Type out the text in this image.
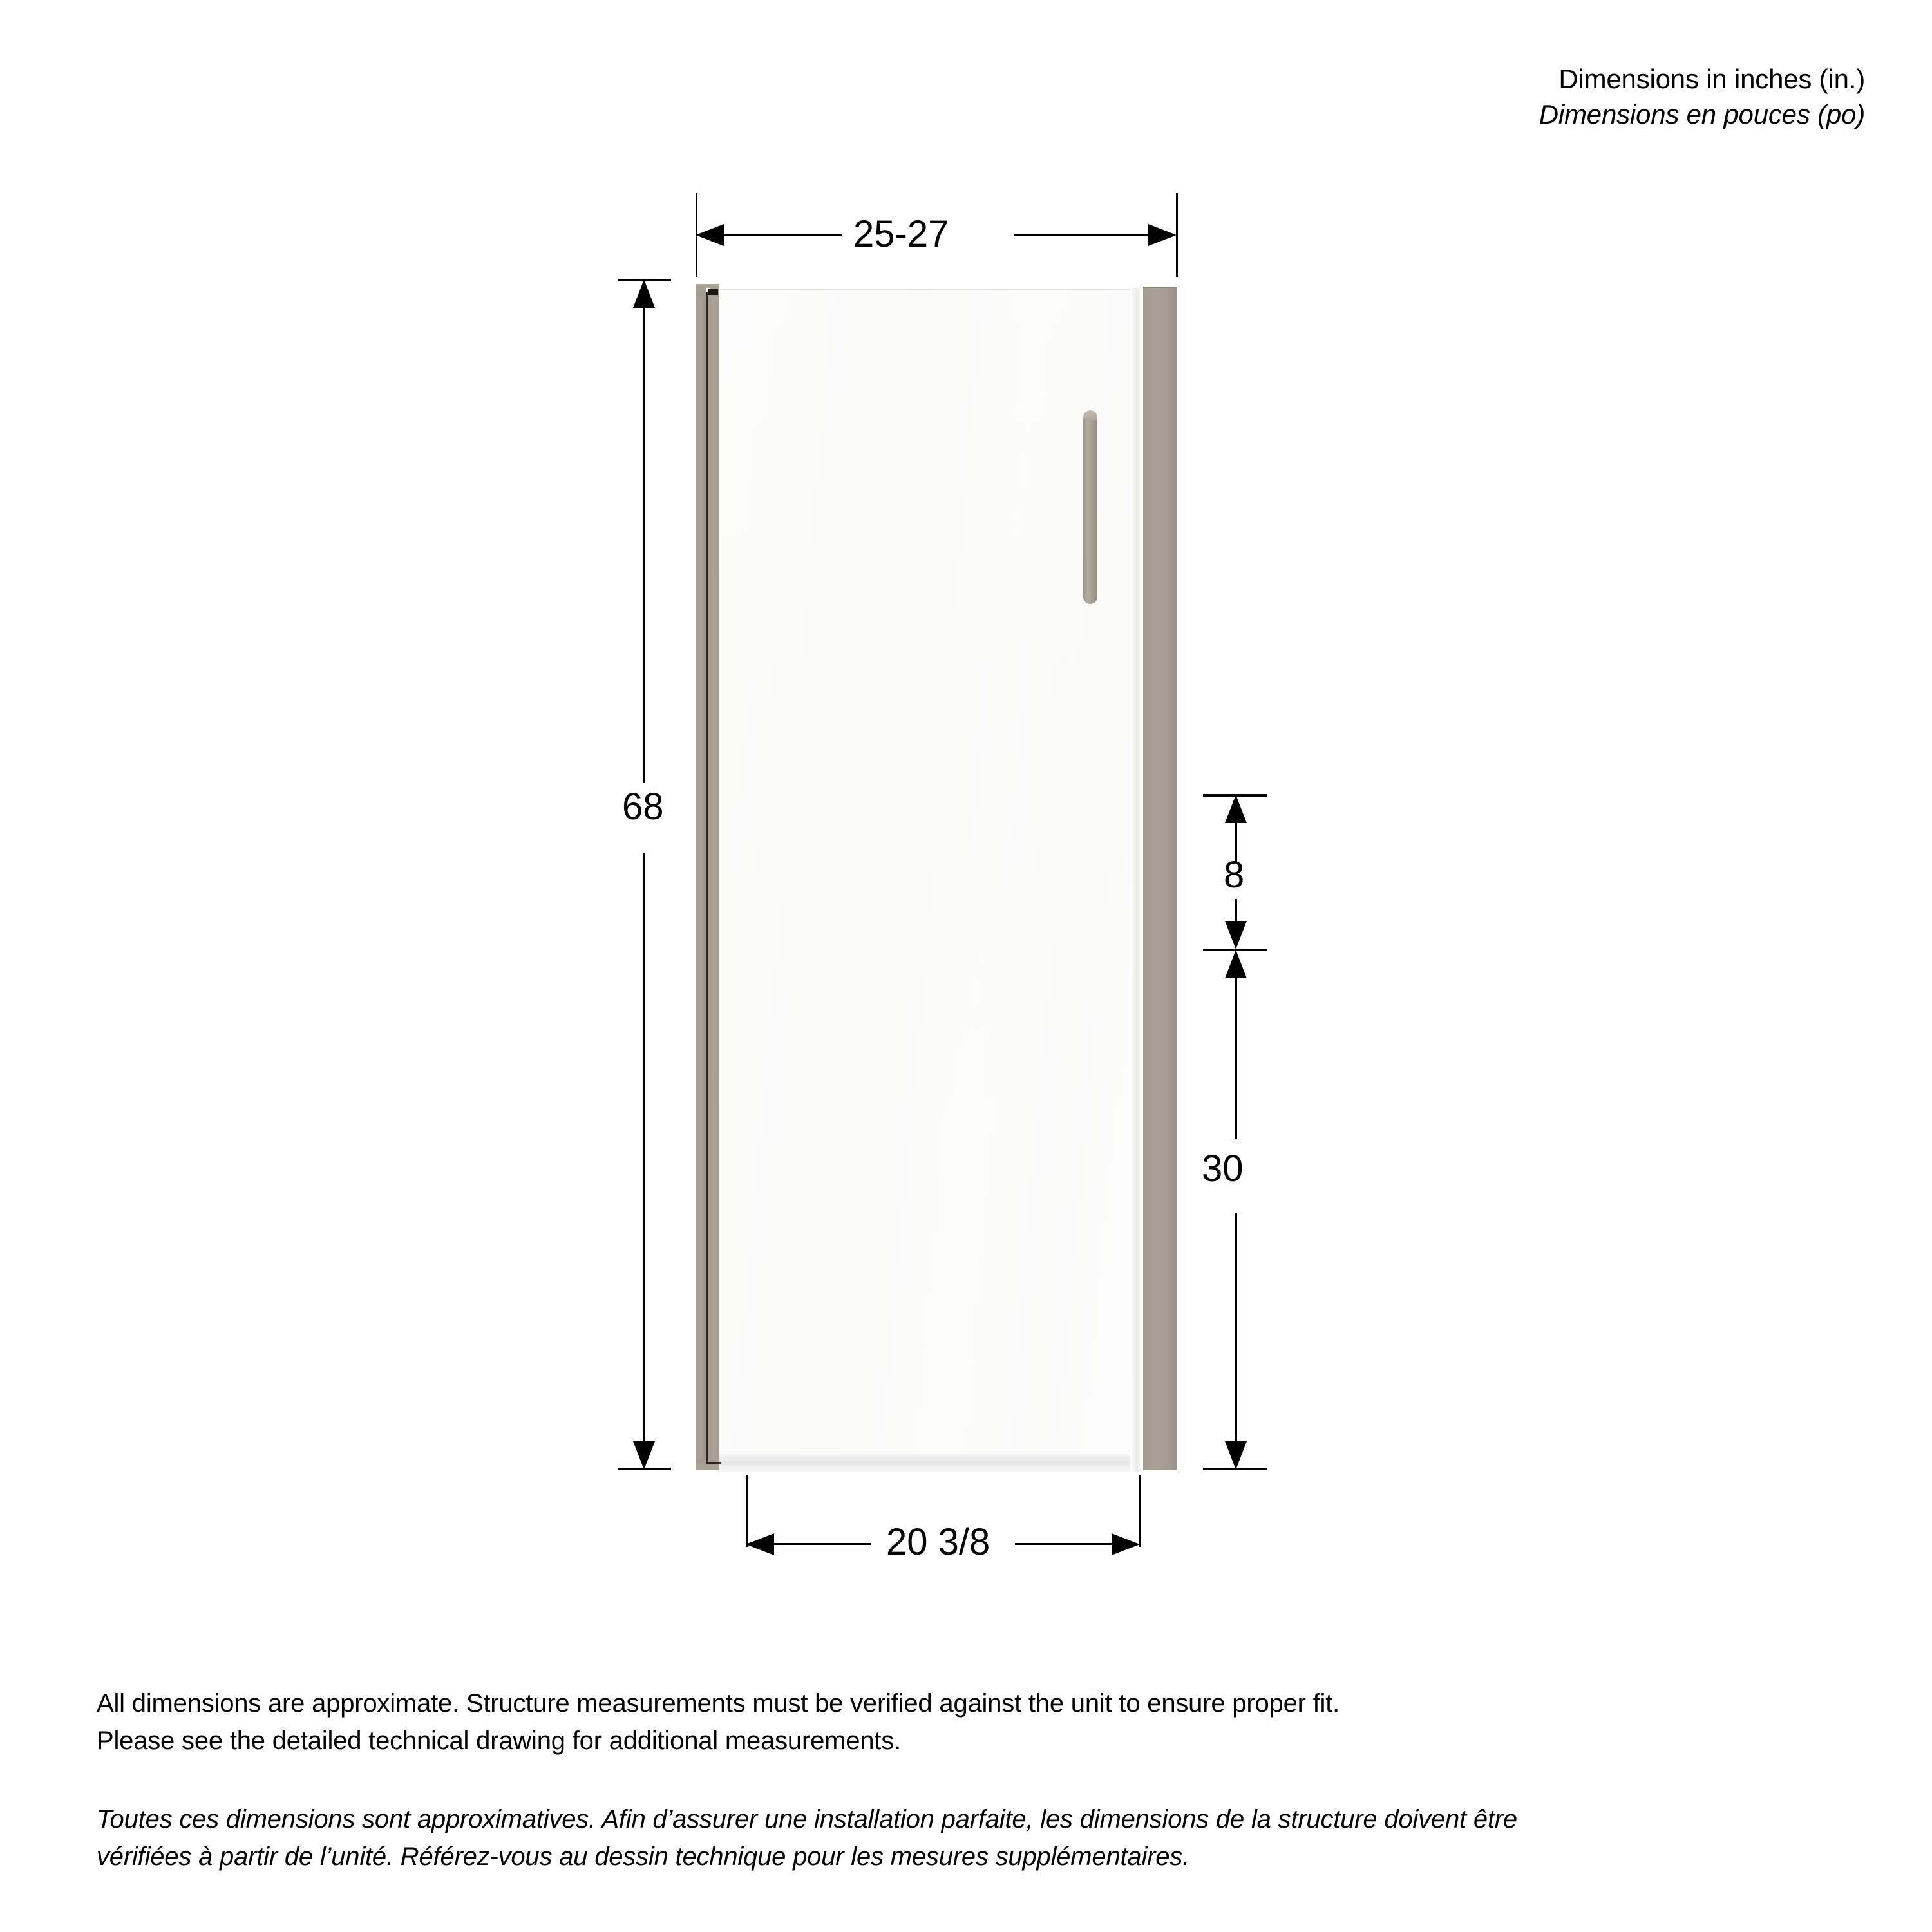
Dimensions in inches (in.)
Dimensions en pouces (po)
25-27
68
8
30
20 3/8
All dimensions are approximate. Structure measurements must be verified against the unit to ensure proper fit.
Please see the detailed technical drawing for additional measurements.
Toutes ces dimensions sont approximatives. Afin d’assurer une installation parfaite, les dimensions de la structure doivent être
vérifiées à partir de l’unité. Référez-vous au dessin technique pour les mesures supplémentaires.
